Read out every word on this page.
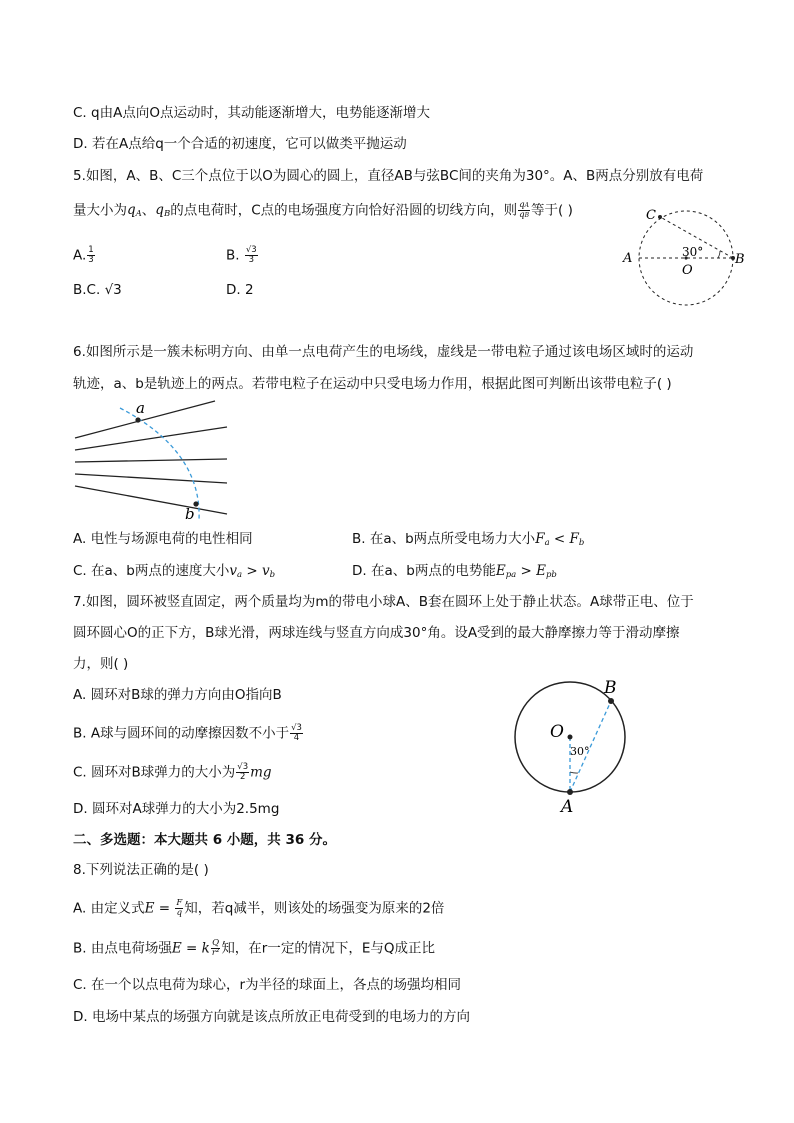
C. q由A点向O点运动时，其动能逐渐增大，电势能逐渐增大
D. 若在A点给q一个合适的初速度，它可以做类平抛运动
5.如图，A、B、C三个点位于以O为圆心的圆上，直径AB与弦BC间的夹角为30°。A、B两点分别放有电荷
量大小为$q_A$、$q_B$的点电荷时，C点的电场强度方向恰好沿圆的切线方向，则 $\frac{qA}{qB}$ 等于( )
A. $\frac{1}{3}$	B. $\frac{√3}{3}$
B.C. √3	D. 2
C
A
O
B
30°
6.如图所示是一簇未标明方向、由单一点电荷产生的电场线，虚线是一带电粒子通过该电场区域时的运动
轨迹，a、b是轨迹上的两点。若带电粒子在运动中只受电场力作用，根据此图可判断出该带电粒子( )
a
b
A. 电性与场源电荷的电性相同	B. 在a、b两点所受电场力大小$F_a < F_b$
C. 在a、b两点的速度大小$v_a > v_b$	D. 在a、b两点的电势能$E_{pa} > E_{pb}$
7.如图，圆环被竖直固定，两个质量均为m的带电小球A、B套在圆环上处于静止状态。A球带正电、位于
圆环圆心O的正下方，B球光滑，两球连线与竖直方向成30°角。设A受到的最大静摩擦力等于滑动摩擦
力，则( )
A. 圆环对B球的弹力方向由O指向B
B. A球与圆环间的动摩擦因数不小于 $\frac{√3}{4}$
C. 圆环对B球弹力的大小为 $\frac{√3}{2}$ mg
D. 圆环对A球弹力的大小为2.5mg
B
O
A
30°
二、多选题：本大题共 6 小题，共 36 分。
8.下列说法正确的是( )
A. 由定义式$E = \frac{F}{q}$ 知，若q减半，则该处的场强变为原来的2倍
B. 由点电荷场强E = k $\frac{Q}{\text{r²}}$ 知，在r一定的情况下，E与Q成正比
C. 在一个以点电荷为球心，r为半径的球面上，各点的场强均相同
D. 电场中某点的场强方向就是该点所放正电荷受到的电场力的方向
